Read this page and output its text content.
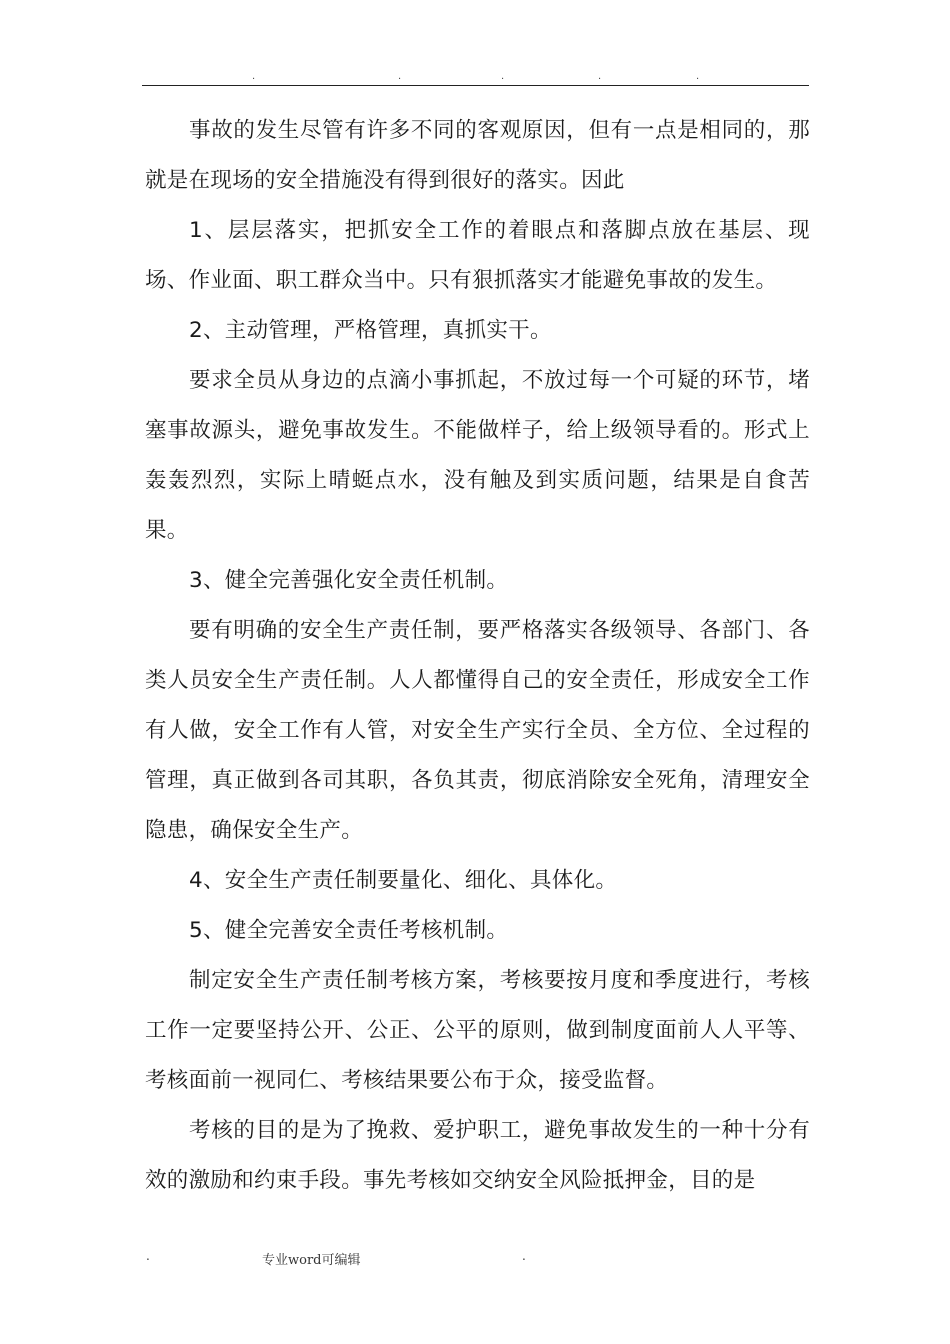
.	.	.	.	.

事故的发生尽管有许多不同的客观原因，但有一点是相同的，那就是在现场的安全措施没有得到很好的落实。因此

1、层层落实，把抓安全工作的着眼点和落脚点放在基层、现场、作业面、职工群众当中。只有狠抓落实才能避免事故的发生。

2、主动管理，严格管理，真抓实干。

要求全员从身边的点滴小事抓起，不放过每一个可疑的环节，堵塞事故源头，避免事故发生。不能做样子，给上级领导看的。形式上轰轰烈烈，实际上晴蜓点水，没有触及到实质问题，结果是自食苦果。

3、健全完善强化安全责任机制。

要有明确的安全生产责任制，要严格落实各级领导、各部门、各类人员安全生产责任制。人人都懂得自己的安全责任，形成安全工作有人做，安全工作有人管，对安全生产实行全员、全方位、全过程的管理，真正做到各司其职，各负其责，彻底消除安全死角，清理安全隐患，确保安全生产。

4、安全生产责任制要量化、细化、具体化。

5、健全完善安全责任考核机制。

制定安全生产责任制考核方案，考核要按月度和季度进行，考核工作一定要坚持公开、公正、公平的原则，做到制度面前人人平等、考核面前一视同仁、考核结果要公布于众，接受监督。

考核的目的是为了挽救、爱护职工，避免事故发生的一种十分有效的激励和约束手段。事先考核如交纳安全风险抵押金，目的是

.	专业word可编辑	.
